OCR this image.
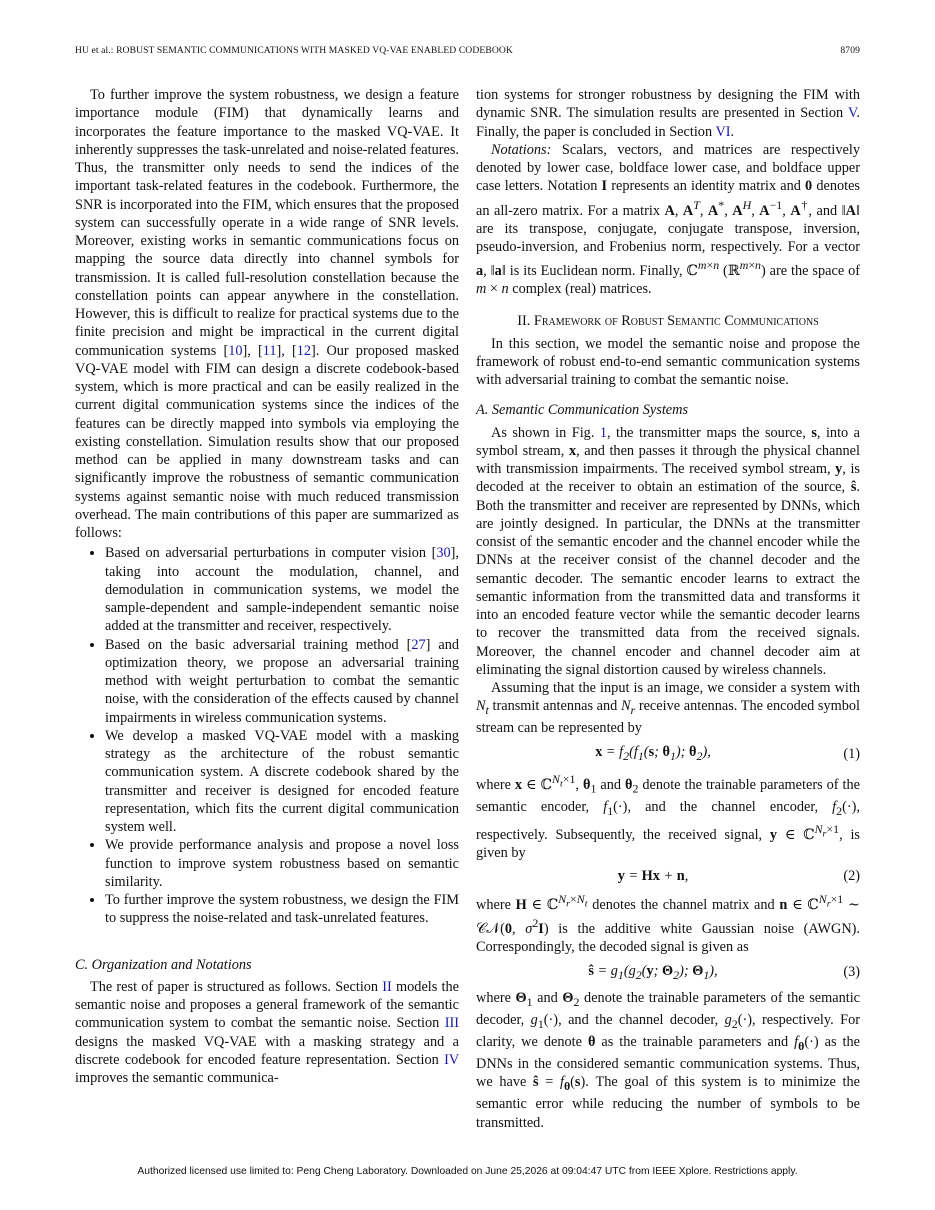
HU et al.: ROBUST SEMANTIC COMMUNICATIONS WITH MASKED VQ-VAE ENABLED CODEBOOK	8709

To further improve the system robustness, we design a feature importance module (FIM) that dynamically learns and incorporates the feature importance to the masked VQ-VAE. It inherently suppresses the task-unrelated and noise-related features. Thus, the transmitter only needs to send the indices of the important task-related features in the codebook. Furthermore, the SNR is incorporated into the FIM, which ensures that the proposed system can successfully operate in a wide range of SNR levels. Moreover, existing works in semantic communications focus on mapping the source data directly into channel symbols for transmission. It is called full-resolution constellation because the constellation points can appear anywhere in the constellation. However, this is difficult to realize for practical systems due to the finite precision and might be impractical in the current digital communication systems [10], [11], [12]. Our proposed masked VQ-VAE model with FIM can design a discrete codebook-based system, which is more practical and can be easily realized in the current digital communication systems since the indices of the features can be directly mapped into symbols via employing the existing constellation. Simulation results show that our proposed method can be applied in many downstream tasks and can significantly improve the robustness of semantic communication systems against semantic noise with much reduced transmission overhead. The main contributions of this paper are summarized as follows:

• Based on adversarial perturbations in computer vision [30], taking into account the modulation, channel, and demodulation in communication systems, we model the sample-dependent and sample-independent semantic noise added at the transmitter and receiver, respectively.
• Based on the basic adversarial training method [27] and optimization theory, we propose an adversarial training method with weight perturbation to combat the semantic noise, with the consideration of the effects caused by channel impairments in wireless communication systems.
• We develop a masked VQ-VAE model with a masking strategy as the architecture of the robust semantic communication system. A discrete codebook shared by the transmitter and receiver is designed for encoded feature representation, which fits the current digital communication system well.
• We provide performance analysis and propose a novel loss function to improve system robustness based on semantic similarity.
• To further improve the system robustness, we design the FIM to suppress the noise-related and task-unrelated features.

C. Organization and Notations

The rest of paper is structured as follows. Section II models the semantic noise and proposes a general framework of the semantic communication system to combat the semantic noise. Section III designs the masked VQ-VAE with a masking strategy and a discrete codebook for encoded feature representation. Section IV improves the semantic communica-

tion systems for stronger robustness by designing the FIM with dynamic SNR. The simulation results are presented in Section V. Finally, the paper is concluded in Section VI.

Notations: Scalars, vectors, and matrices are respectively denoted by lower case, boldface lower case, and boldface upper case letters. Notation I represents an identity matrix and 0 denotes an all-zero matrix. For a matrix A, $A^T$, A*, $A^H$, $A^{-1}$, A†, and ‖A‖ are its transpose, conjugate, conjugate transpose, inversion, pseudo-inversion, and Frobenius norm, respectively. For a vector a, ‖a‖ is its Euclidean norm. Finally, ℂ$^{m\times n}$ (ℝ$^{m\times n}$) are the space of m × n complex (real) matrices.

II. Framework of Robust Semantic Communications

In this section, we model the semantic noise and propose the framework of robust end-to-end semantic communication systems with adversarial training to combat the semantic noise.

A. Semantic Communication Systems

As shown in Fig. 1, the transmitter maps the source, s, into a symbol stream, x, and then passes it through the physical channel with transmission impairments. The received symbol stream, y, is decoded at the receiver to obtain an estimation of the source, ŝ. Both the transmitter and receiver are represented by DNNs, which are jointly designed. In particular, the DNNs at the transmitter consist of the semantic encoder and the channel encoder while the DNNs at the receiver consist of the channel decoder and the semantic decoder. The semantic encoder learns to extract the semantic information from the transmitted data and transforms it into an encoded feature vector while the semantic decoder learns to recover the transmitted data from the received signals. Moreover, the channel encoder and channel decoder aim at eliminating the signal distortion caused by wireless channels.

Assuming that the input is an image, we consider a system with $N_t$ transmit antennas and $N_r$ receive antennas. The encoded symbol stream can be represented by

$x = f_2(f_1(s$; $\theta_1$); $\theta_2$),	(1)

where x ∈ ℂ$^{N_t\times 1}$, $\theta_1$ and $\theta_2$ denote the trainable parameters of the semantic encoder, $f_1(\cdot)$, and the channel encoder, $f_2(\cdot)$, respectively. Subsequently, the received signal, y ∈ ℂ$^{N_r\times 1}$, is given by

y = Hx + n,	(2)

where H ∈ ℂ$^{N_r\times N_t}$ denotes the channel matrix and n ∈ ℂ$^{N_r\times 1}$ ∼ 𝒞𝒩(0, $\sigma^2I$) is the additive white Gaussian noise (AWGN). Correspondingly, the decoded signal is given as

ŝ = $g_1(g_2(y$; $\Theta_2$); $\Theta_1$),	(3)

where $\Theta_1$ and $\Theta_2$ denote the trainable parameters of the semantic decoder, $g_1(\cdot)$, and the channel decoder, $g_2(\cdot)$, respectively. For clarity, we denote θ as the trainable parameters and $f_\theta(\cdot)$ as the DNNs in the considered semantic communication systems. Thus, we have ŝ = $f_\theta(s)$. The goal of this system is to minimize the semantic error while reducing the number of symbols to be transmitted.

Authorized licensed use limited to: Peng Cheng Laboratory. Downloaded on June 25,2026 at 09:04:47 UTC from IEEE Xplore. Restrictions apply.
